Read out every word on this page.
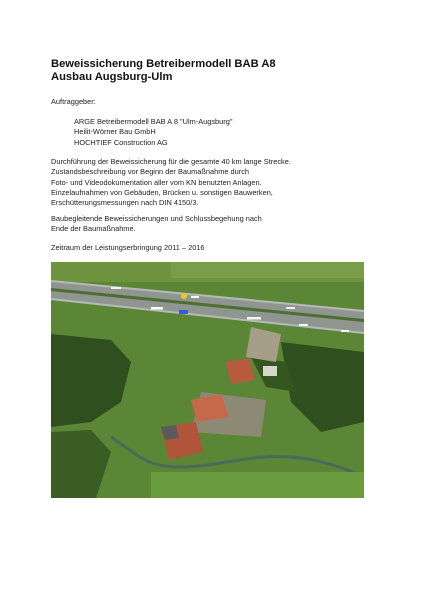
Beweissicherung Betreibermodell BAB A8
Ausbau Augsburg-Ulm
Auftraggeber:
ARGE Betreibermodell BAB A 8 "Ulm-Augsburg"
Heilit-Wörner Bau GmbH
HOCHTIEF Construction AG
Durchführung der Beweissicherung für die gesamte 40 km lange Strecke.
Zustandsbeschreibung vor Beginn der Baumaßnahme durch
Foto- und Videodokumentation aller vom KN benutzten Anlagen.
Einzelaufnahmen von Gebäuden, Brücken u. sonstigen Bauwerken,
Erschütterungsmessungen nach DIN 4150/3.
Baubegleitende Beweissicherungen und Schlussbegehung nach
Ende der Baumaßnahme.
Zeitraum der Leistungserbringung 2011 – 2016
